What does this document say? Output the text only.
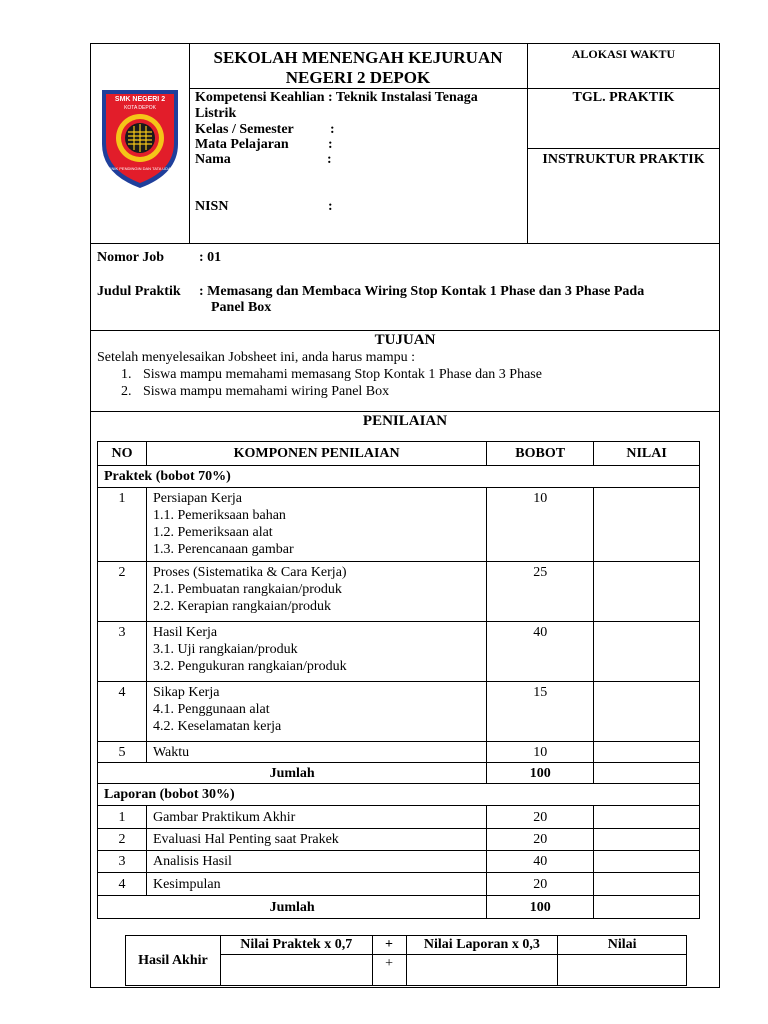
SMK NEGERI 2
KOTA DEPOK
TEKNIK PENDINGIN DAN TATA UDARA
SEKOLAH MENENGAH KEJURUAN
NEGERI 2 DEPOK
Kompetensi Keahlian : Teknik Instalasi Tenaga
Listrik
Kelas / Semester	:
Mata Pelajaran	:
Nama	:
NISN	:
ALOKASI WAKTU
TGL. PRAKTIK
INSTRUKTUR PRAKTIK
Nomor Job : 01
Judul Praktik : Memasang dan Membaca Wiring Stop Kontak 1 Phase dan 3 Phase Pada
Panel Box
TUJUAN
Setelah menyelesaikan Jobsheet ini, anda harus mampu :
1. Siswa mampu memahami memasang Stop Kontak 1 Phase dan 3 Phase
2. Siswa mampu memahami wiring Panel Box
PENILAIAN
NO	KOMPONEN PENILAIAN	BOBOT	NILAI
Praktek (bobot 70%)			
1	Persiapan Kerja
1.1. Pemeriksaan bahan
1.2. Pemeriksaan alat
1.3. Perencanaan gambar	10	
2	Proses (Sistematika & Cara Kerja)
2.1. Pembuatan rangkaian/produk
2.2. Kerapian rangkaian/produk	25	
3	Hasil Kerja
3.1. Uji rangkaian/produk
3.2. Pengukuran rangkaian/produk	40	
4	Sikap Kerja
4.1. Penggunaan alat
4.2. Keselamatan kerja	15	
5	Waktu	10	
Jumlah		100	
Laporan (bobot 30%)			
1	Gambar Praktikum Akhir	20	
2	Evaluasi Hal Penting saat Prakek	20	
3	Analisis Hasil	40	
4	Kesimpulan	20	
Jumlah		100	
Hasil Akhir	Nilai Praktek x 0,7	+	Nilai Laporan x 0,3	Nilai
		+		
